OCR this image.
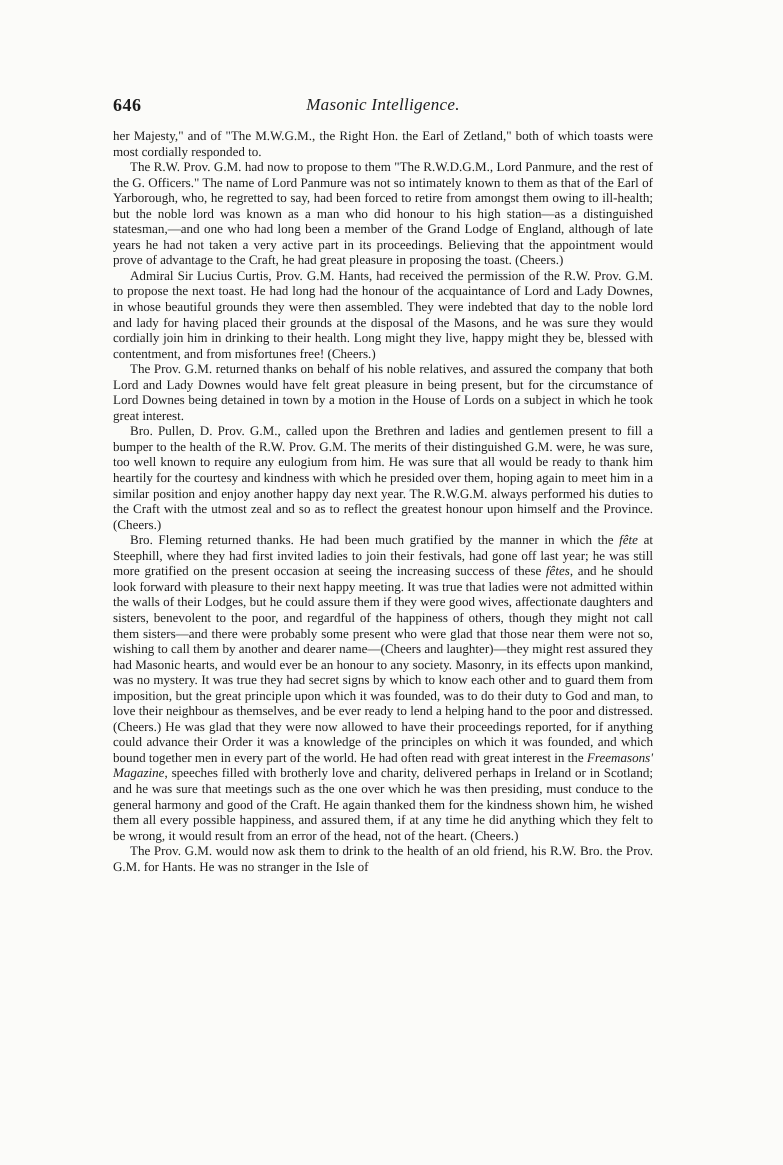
646	Masonic Intelligence.

her Majesty," and of "The M.W.G.M., the Right Hon. the Earl of Zetland," both of which toasts were most cordially responded to.

The R.W. Prov. G.M. had now to propose to them "The R.W.D.G.M., Lord Panmure, and the rest of the G. Officers." The name of Lord Panmure was not so intimately known to them as that of the Earl of Yarborough, who, he regretted to say, had been forced to retire from amongst them owing to ill-health; but the noble lord was known as a man who did honour to his high station—as a distinguished statesman,—and one who had long been a member of the Grand Lodge of England, although of late years he had not taken a very active part in its proceedings. Believing that the appointment would prove of advantage to the Craft, he had great pleasure in proposing the toast. (Cheers.)

Admiral Sir Lucius Curtis, Prov. G.M. Hants, had received the permission of the R.W. Prov. G.M. to propose the next toast. He had long had the honour of the acquaintance of Lord and Lady Downes, in whose beautiful grounds they were then assembled. They were indebted that day to the noble lord and lady for having placed their grounds at the disposal of the Masons, and he was sure they would cordially join him in drinking to their health. Long might they live, happy might they be, blessed with contentment, and from misfortunes free! (Cheers.)

The Prov. G.M. returned thanks on behalf of his noble relatives, and assured the company that both Lord and Lady Downes would have felt great pleasure in being present, but for the circumstance of Lord Downes being detained in town by a motion in the House of Lords on a subject in which he took great interest.

Bro. Pullen, D. Prov. G.M., called upon the Brethren and ladies and gentlemen present to fill a bumper to the health of the R.W. Prov. G.M. The merits of their distinguished G.M. were, he was sure, too well known to require any eulogium from him. He was sure that all would be ready to thank him heartily for the courtesy and kindness with which he presided over them, hoping again to meet him in a similar position and enjoy another happy day next year. The R.W.G.M. always performed his duties to the Craft with the utmost zeal and so as to reflect the greatest honour upon himself and the Province. (Cheers.)

Bro. Fleming returned thanks. He had been much gratified by the manner in which the fête at Steephill, where they had first invited ladies to join their festivals, had gone off last year; he was still more gratified on the present occasion at seeing the increasing success of these fêtes, and he should look forward with pleasure to their next happy meeting. It was true that ladies were not admitted within the walls of their Lodges, but he could assure them if they were good wives, affectionate daughters and sisters, benevolent to the poor, and regardful of the happiness of others, though they might not call them sisters—and there were probably some present who were glad that those near them were not so, wishing to call them by another and dearer name—(Cheers and laughter)—they might rest assured they had Masonic hearts, and would ever be an honour to any society. Masonry, in its effects upon mankind, was no mystery. It was true they had secret signs by which to know each other and to guard them from imposition, but the great principle upon which it was founded, was to do their duty to God and man, to love their neighbour as themselves, and be ever ready to lend a helping hand to the poor and distressed. (Cheers.) He was glad that they were now allowed to have their proceedings reported, for if anything could advance their Order it was a knowledge of the principles on which it was founded, and which bound together men in every part of the world. He had often read with great interest in the Freemasons' Magazine, speeches filled with brotherly love and charity, delivered perhaps in Ireland or in Scotland; and he was sure that meetings such as the one over which he was then presiding, must conduce to the general harmony and good of the Craft. He again thanked them for the kindness shown him, he wished them all every possible happiness, and assured them, if at any time he did anything which they felt to be wrong, it would result from an error of the head, not of the heart. (Cheers.)

The Prov. G.M. would now ask them to drink to the health of an old friend, his R.W. Bro. the Prov. G.M. for Hants. He was no stranger in the Isle of
